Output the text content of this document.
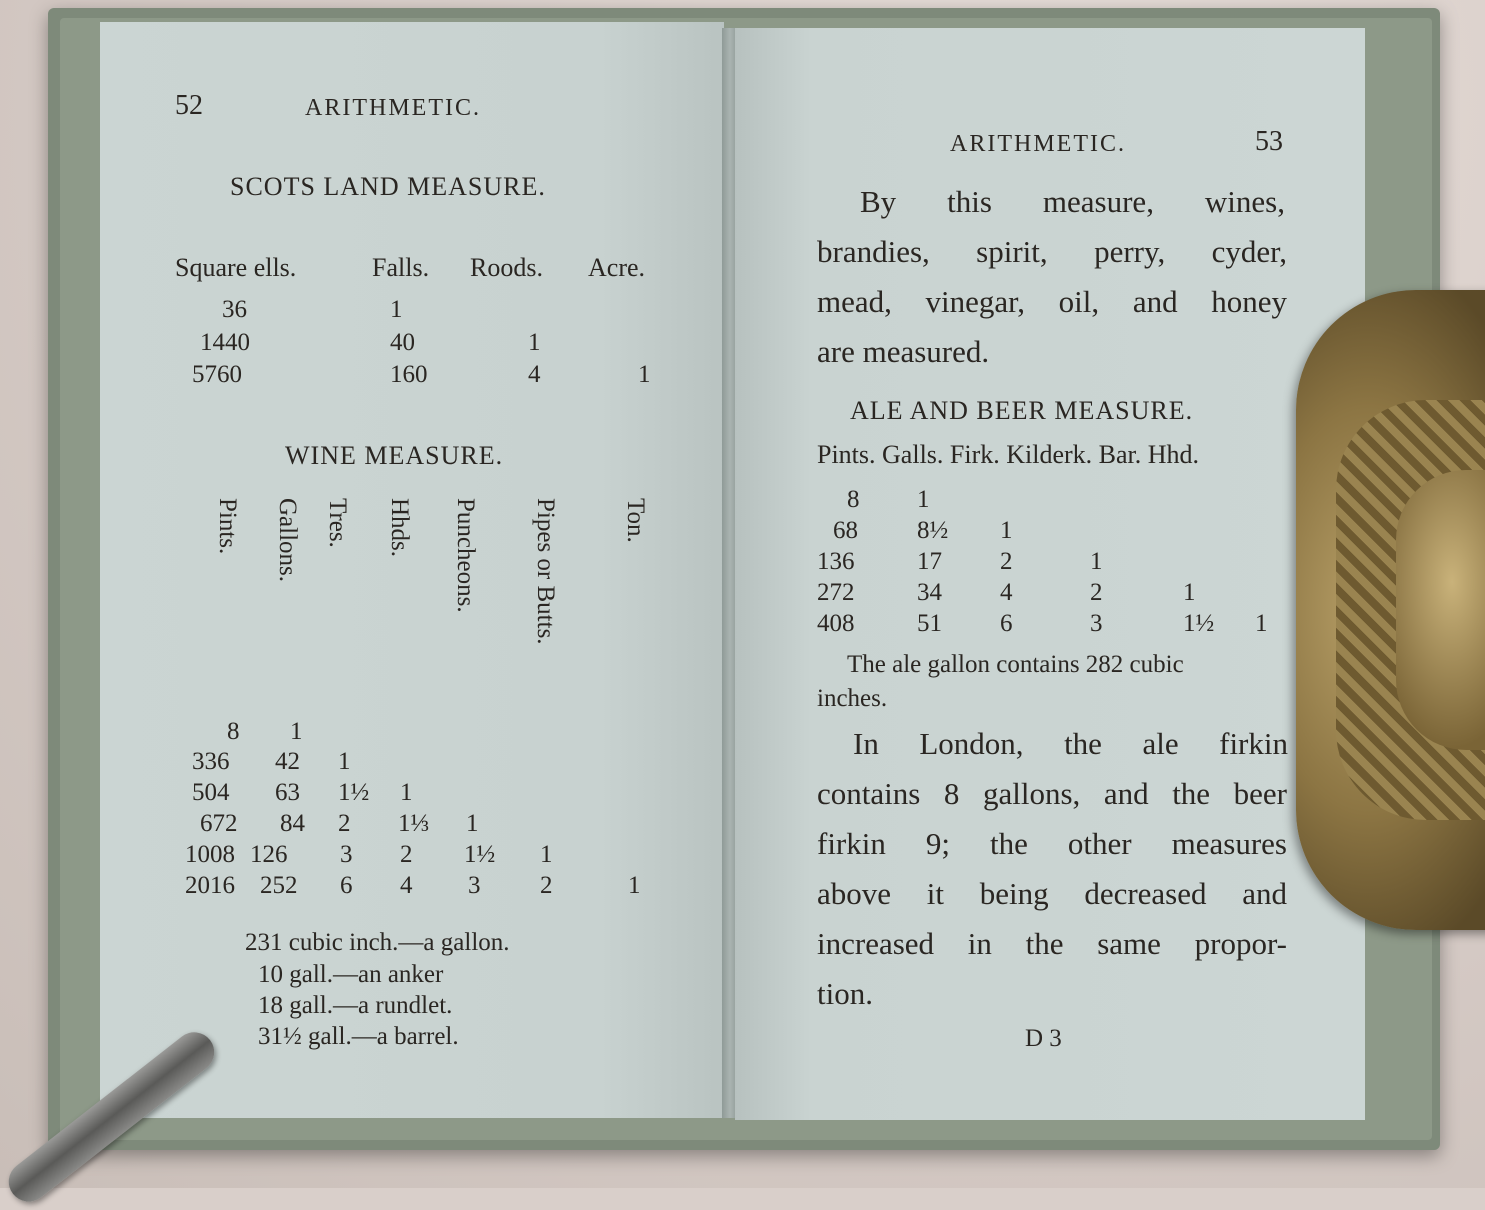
52	ARITHMETIC.
SCOTS LAND MEASURE.
Square ells.	Falls. Roods. Acre.
36	1
1440	40	1
5760	160	4	1
WINE MEASURE.
Pints. Gallons. Tres. Hhds. Puncheons. Pipes or Butts.	Ton.
8 1
336 42 1
504 63 1½ 1
672 84 2 1⅓ 1
1008 126 3 2 1½ 1
2016 252 6 4 3 2	1
231 cubic inch.—a gallon.
10 gall.—an anker
18 gall.—a rundlet.
31½ gall.—a barrel.
ARITHMETIC.	53
By this measure, wines,
brandies, spirit, perry, cyder,
mead, vinegar, oil, and honey
are measured.
ALE AND BEER MEASURE.
Pints. Galls. Firk. Kilderk. Bar. Hhd.
8 1
68 8½ 1
136	17 2	1
272	34 4	2	1
408	51 6	3	1½ 1
The ale gallon contains 282 cubic
inches.
In London, the ale firkin
contains 8 gallons, and the beer
firkin 9; the other measures
above it being decreased and
increased in the same propor-
tion.
D 3
